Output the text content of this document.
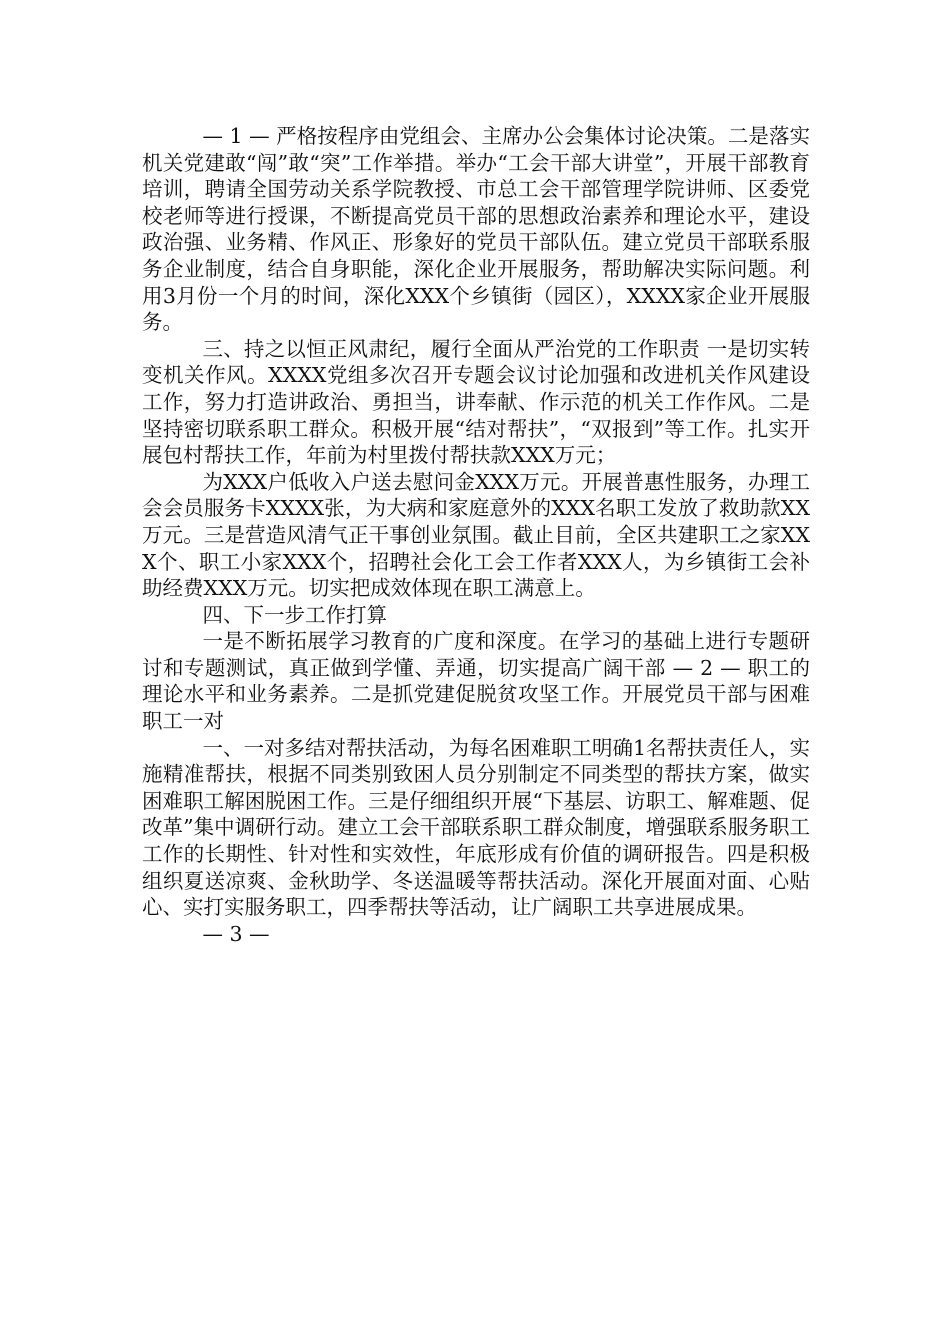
— 1 — 严格按程序由党组会、主席办公会集体讨论决策。二是落实机关党建敢“闯”敢“突”工作举措。举办“工会干部大讲堂”，开展干部教育培训，聘请全国劳动关系学院教授、市总工会干部管理学院讲师、区委党校老师等进行授课，不断提高党员干部的思想政治素养和理论水平，建设政治强、业务精、作风正、形象好的党员干部队伍。建立党员干部联系服务企业制度，结合自身职能，深化企业开展服务，帮助解决实际问题。利用3月份一个月的时间，深化XXX个乡镇街（园区），XXXX家企业开展服务。

三、持之以恒正风肃纪，履行全面从严治党的工作职责 一是切实转变机关作风。XXXX党组多次召开专题会议讨论加强和改进机关作风建设工作，努力打造讲政治、勇担当，讲奉献、作示范的机关工作作风。二是坚持密切联系职工群众。积极开展“结对帮扶”，“双报到”等工作。扎实开展包村帮扶工作，年前为村里拨付帮扶款XXX万元；

为XXX户低收入户送去慰问金XXX万元。开展普惠性服务，办理工会会员服务卡XXXX张，为大病和家庭意外的XXX名职工发放了救助款XX万元。三是营造风清气正干事创业氛围。截止目前，全区共建职工之家XXX个、职工小家XXX个，招聘社会化工会工作者XXX人，为乡镇街工会补助经费XXX万元。切实把成效体现在职工满意上。

四、下一步工作打算

一是不断拓展学习教育的广度和深度。在学习的基础上进行专题研讨和专题测试，真正做到学懂、弄通，切实提高广阔干部 — 2 — 职工的理论水平和业务素养。二是抓党建促脱贫攻坚工作。开展党员干部与困难职工一对

一、一对多结对帮扶活动，为每名困难职工明确1名帮扶责任人，实施精准帮扶，根据不同类别致困人员分别制定不同类型的帮扶方案，做实困难职工解困脱困工作。三是仔细组织开展“下基层、访职工、解难题、促改革”集中调研行动。建立工会干部联系职工群众制度，增强联系服务职工工作的长期性、针对性和实效性，年底形成有价值的调研报告。四是积极组织夏送凉爽、金秋助学、冬送温暖等帮扶活动。深化开展面对面、心贴心、实打实服务职工，四季帮扶等活动，让广阔职工共享进展成果。

— 3 —
